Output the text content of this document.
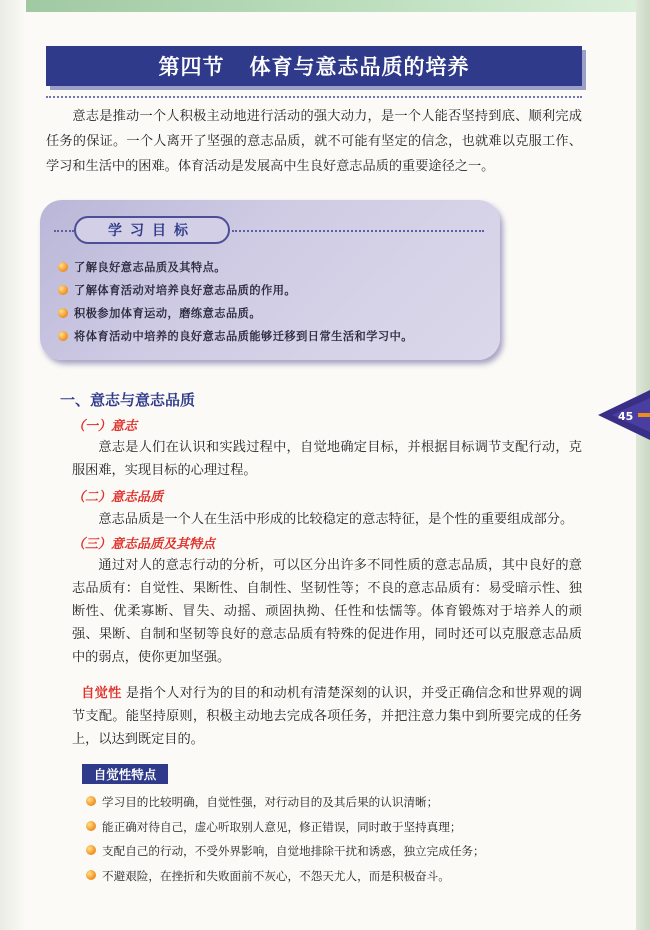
第四节   体育与意志品质的培养

意志是推动一个人积极主动地进行活动的强大动力，是一个人能否坚持到底、顺利完成任务的保证。一个人离开了坚强的意志品质，就不可能有坚定的信念，也就难以克服工作、学习和生活中的困难。体育活动是发展高中生良好意志品质的重要途径之一。

学习目标
了解良好意志品质及其特点。
了解体育活动对培养良好意志品质的作用。
积极参加体育运动，磨练意志品质。
将体育活动中培养的良好意志品质能够迁移到日常生活和学习中。
45
一、意志与意志品质
（一）意志

意志是人们在认识和实践过程中，自觉地确定目标，并根据目标调节支配行动，克服困难，实现目标的心理过程。

（二）意志品质

意志品质是一个人在生活中形成的比较稳定的意志特征，是个性的重要组成部分。

（三）意志品质及其特点

通过对人的意志行动的分析，可以区分出许多不同性质的意志品质，其中良好的意志品质有：自觉性、果断性、自制性、坚韧性等；不良的意志品质有：易受暗示性、独断性、优柔寡断、冒失、动摇、顽固执拗、任性和怯懦等。体育锻炼对于培养人的顽强、果断、自制和坚韧等良好的意志品质有特殊的促进作用，同时还可以克服意志品质中的弱点，使你更加坚强。

自觉性 是指个人对行为的目的和动机有清楚深刻的认识，并受正确信念和世界观的调节支配。能坚持原则，积极主动地去完成各项任务，并把注意力集中到所要完成的任务上，以达到既定目的。

自觉性特点
学习目的比较明确，自觉性强，对行动目的及其后果的认识清晰；
能正确对待自己，虚心听取别人意见，修正错误，同时敢于坚持真理；
支配自己的行动，不受外界影响，自觉地排除干扰和诱惑，独立完成任务；
不避艰险，在挫折和失败面前不灰心，不怨天尤人，而是积极奋斗。
